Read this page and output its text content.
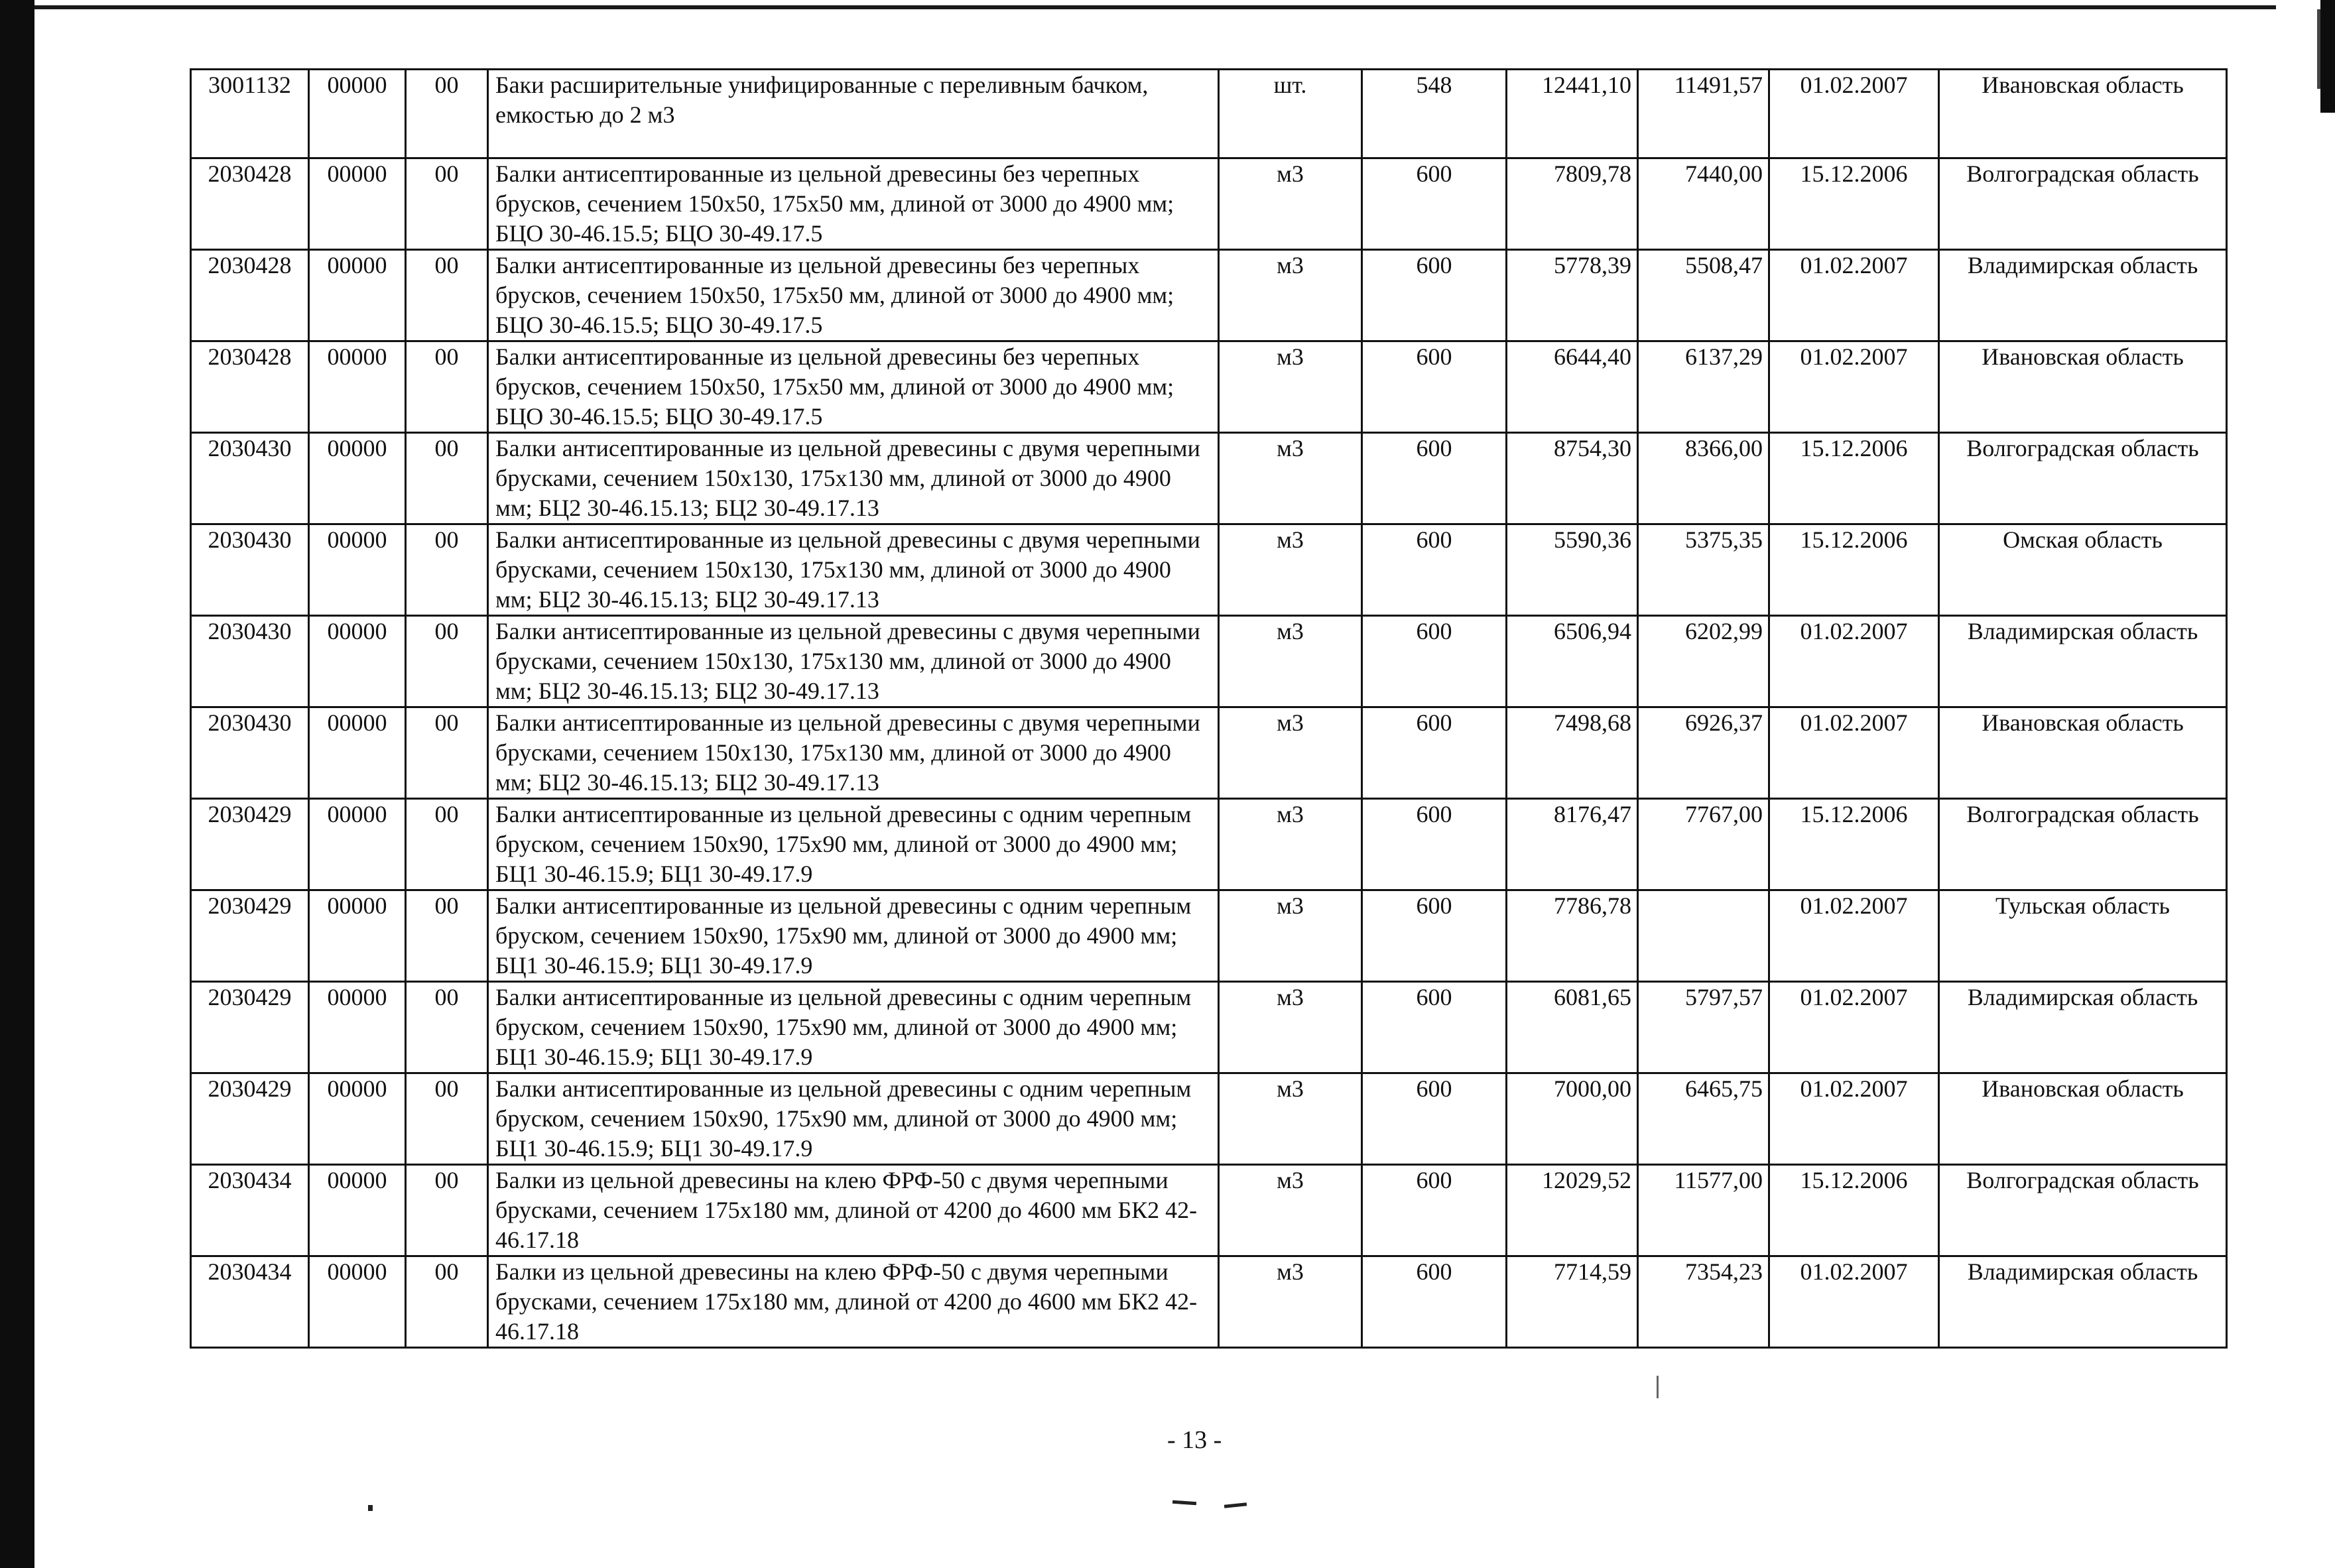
3001132	00000	00	Баки расширительные унифицированные с переливным бачком, емкостью до 2 м3	шт.	548	12441,10	11491,57	01.02.2007	Ивановская область
2030428	00000	00	Балки антисептированные из цельной древесины без черепных брусков, сечением 150x50, 175x50 мм, длиной от 3000 до 4900 мм; БЦО 30-46.15.5; БЦО 30-49.17.5	м3	600	7809,78	7440,00	15.12.2006	Волгоградская область
2030428	00000	00	Балки антисептированные из цельной древесины без черепных брусков, сечением 150x50, 175x50 мм, длиной от 3000 до 4900 мм; БЦО 30-46.15.5; БЦО 30-49.17.5	м3	600	5778,39	5508,47	01.02.2007	Владимирская область
2030428	00000	00	Балки антисептированные из цельной древесины без черепных брусков, сечением 150x50, 175x50 мм, длиной от 3000 до 4900 мм; БЦО 30-46.15.5; БЦО 30-49.17.5	м3	600	6644,40	6137,29	01.02.2007	Ивановская область
2030430	00000	00	Балки антисептированные из цельной древесины с двумя черепными брусками, сечением 150x130, 175x130 мм, длиной от 3000 до 4900 мм; БЦ2 30-46.15.13; БЦ2 30-49.17.13	м3	600	8754,30	8366,00	15.12.2006	Волгоградская область
2030430	00000	00	Балки антисептированные из цельной древесины с двумя черепными брусками, сечением 150x130, 175x130 мм, длиной от 3000 до 4900 мм; БЦ2 30-46.15.13; БЦ2 30-49.17.13	м3	600	5590,36	5375,35	15.12.2006	Омская область
2030430	00000	00	Балки антисептированные из цельной древесины с двумя черепными брусками, сечением 150x130, 175x130 мм, длиной от 3000 до 4900 мм; БЦ2 30-46.15.13; БЦ2 30-49.17.13	м3	600	6506,94	6202,99	01.02.2007	Владимирская область
2030430	00000	00	Балки антисептированные из цельной древесины с двумя черепными брусками, сечением 150x130, 175x130 мм, длиной от 3000 до 4900 мм; БЦ2 30-46.15.13; БЦ2 30-49.17.13	м3	600	7498,68	6926,37	01.02.2007	Ивановская область
2030429	00000	00	Балки антисептированные из цельной древесины с одним черепным бруском, сечением 150x90, 175x90 мм, длиной от 3000 до 4900 мм; БЦ1 30-46.15.9; БЦ1 30-49.17.9	м3	600	8176,47	7767,00	15.12.2006	Волгоградская область
2030429	00000	00	Балки антисептированные из цельной древесины с одним черепным бруском, сечением 150x90, 175x90 мм, длиной от 3000 до 4900 мм; БЦ1 30-46.15.9; БЦ1 30-49.17.9	м3	600	7786,78		01.02.2007	Тульская область
2030429	00000	00	Балки антисептированные из цельной древесины с одним черепным бруском, сечением 150x90, 175x90 мм, длиной от 3000 до 4900 мм; БЦ1 30-46.15.9; БЦ1 30-49.17.9	м3	600	6081,65	5797,57	01.02.2007	Владимирская область
2030429	00000	00	Балки антисептированные из цельной древесины с одним черепным бруском, сечением 150x90, 175x90 мм, длиной от 3000 до 4900 мм; БЦ1 30-46.15.9; БЦ1 30-49.17.9	м3	600	7000,00	6465,75	01.02.2007	Ивановская область
2030434	00000	00	Балки из цельной древесины на клею ФРФ-50 с двумя черепными брусками, сечением 175x180 мм, длиной от 4200 до 4600 мм БК2 42-46.17.18	м3	600	12029,52	11577,00	15.12.2006	Волгоградская область
2030434	00000	00	Балки из цельной древесины на клею ФРФ-50 с двумя черепными брусками, сечением 175x180 мм, длиной от 4200 до 4600 мм БК2 42-46.17.18	м3	600	7714,59	7354,23	01.02.2007	Владимирская область
- 13 -
